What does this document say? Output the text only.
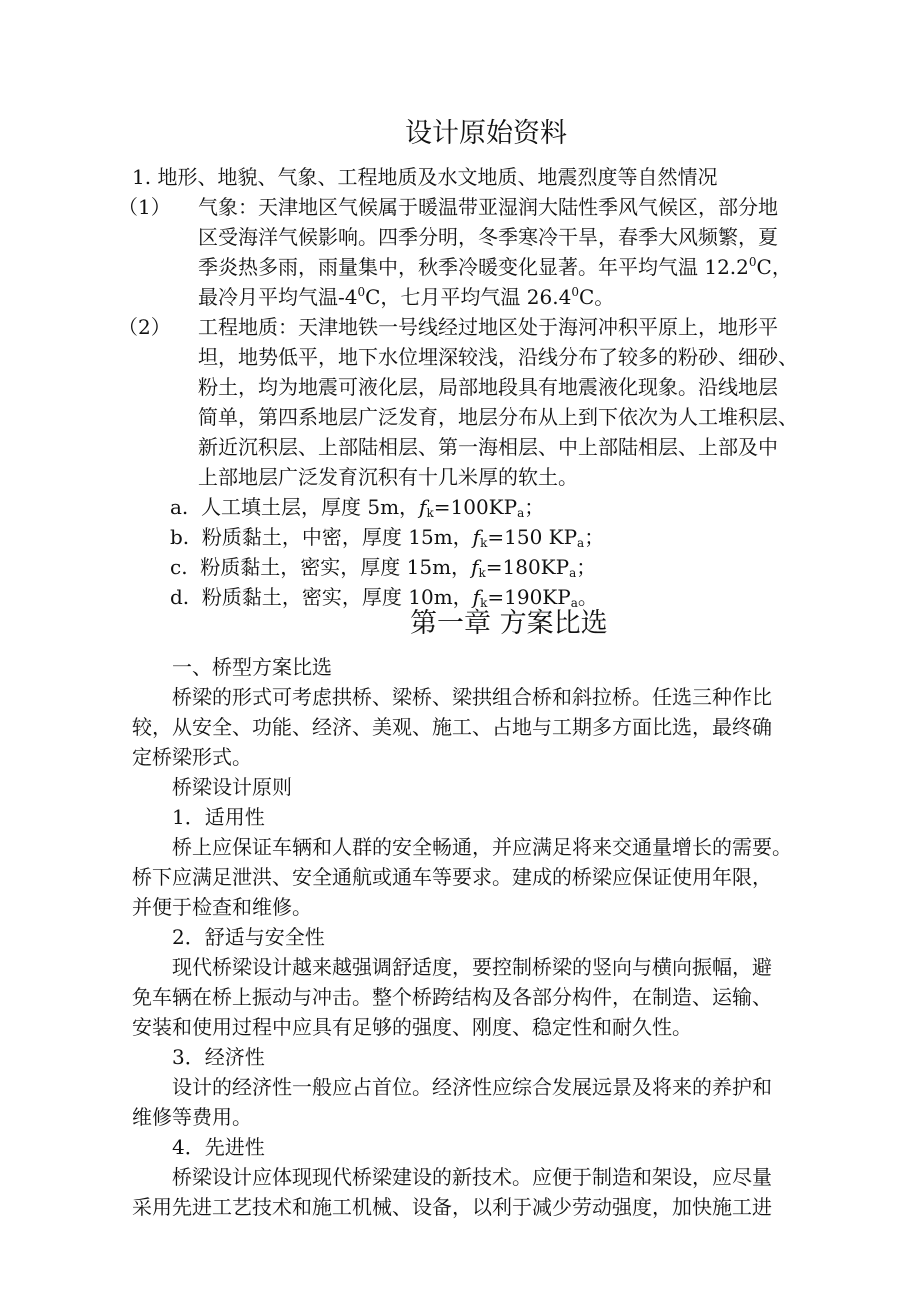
设计原始资料
1. 地形、地貌、气象、工程地质及水文地质、地震烈度等自然情况
（1） 气象：天津地区气候属于暖温带亚湿润大陆性季风气候区，部分地
区受海洋气候影响。四季分明，冬季寒冷干旱，春季大风频繁，夏
季炎热多雨，雨量集中，秋季冷暖变化显著。年平均气温 12.2$^0$C，
最冷月平均气温$-4^0C$，七月平均气温 26.4$^0$C。
（2） 工程地质：天津地铁一号线经过地区处于海河冲积平原上，地形平
坦，地势低平，地下水位埋深较浅，沿线分布了较多的粉砂、细砂、
粉土，均为地震可液化层，局部地段具有地震液化现象。沿线地层
简单，第四系地层广泛发育，地层分布从上到下依次为人工堆积层、
新近沉积层、上部陆相层、第一海相层、中上部陆相层、上部及中
上部地层广泛发育沉积有十几米厚的软土。
a. 人工填土层，厚度 5m，$f_k=100KP_a$；
b. 粉质黏土，中密，厚度 15m，$f_k=150$ $KP_a$；
c. 粉质黏土，密实，厚度 15m，$f_k=180KP_a$；
d. 粉质黏土，密实，厚度 10m，$f_k=190KP_a$。
第一章 方案比选
一、桥型方案比选
桥梁的形式可考虑拱桥、梁桥、梁拱组合桥和斜拉桥。任选三种作比
较，从安全、功能、经济、美观、施工、占地与工期多方面比选，最终确
定桥梁形式。
桥梁设计原则
1．适用性
桥上应保证车辆和人群的安全畅通，并应满足将来交通量增长的需要。
桥下应满足泄洪、安全通航或通车等要求。建成的桥梁应保证使用年限，
并便于检查和维修。
2．舒适与安全性
现代桥梁设计越来越强调舒适度，要控制桥梁的竖向与横向振幅，避
免车辆在桥上振动与冲击。整个桥跨结构及各部分构件，在制造、运输、
安装和使用过程中应具有足够的强度、刚度、稳定性和耐久性。
3．经济性
设计的经济性一般应占首位。经济性应综合发展远景及将来的养护和
维修等费用。
4．先进性
桥梁设计应体现现代桥梁建设的新技术。应便于制造和架设，应尽量
采用先进工艺技术和施工机械、设备，以利于减少劳动强度，加快施工进
